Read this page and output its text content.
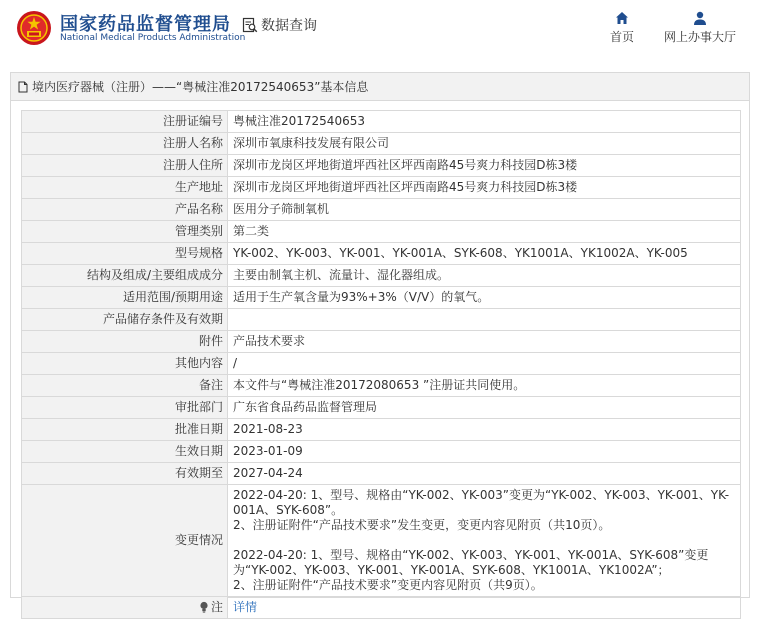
国家药品监督管理局
National Medical Products Administration
数据查询
首页	网上办事大厅
境内医疗器械（注册）——“粤械注准20172540653”基本信息
注册证编号	粤械注准20172540653
注册人名称	深圳市氧康科技发展有限公司
注册人住所	深圳市龙岗区坪地街道坪西社区坪西南路45号爽力科技园D栋3楼
生产地址	深圳市龙岗区坪地街道坪西社区坪西南路45号爽力科技园D栋3楼
产品名称	医用分子筛制氧机
管理类别	第二类
型号规格	YK-002、YK-003、YK-001、YK-001A、SYK-608、YK1001A、YK1002A、YK-005
结构及组成/主要组成成分	主要由制氧主机、流量计、湿化器组成。
适用范围/预期用途	适用于生产氧含量为93%+3%（V/V）的氧气。
产品储存条件及有效期	
附件	产品技术要求
其他内容	/
备注	本文件与“粤械注准20172080653 ”注册证共同使用。
审批部门	广东省食品药品监督管理局
批准日期	2021-08-23
生效日期	2023-01-09
有效期至	2027-04-24
变更情况	2022-04-20: 1、型号、规格由“YK-002、YK-003”变更为“YK-002、YK-003、YK-001、YK-001A、SYK-608”。
2、注册证附件“产品技术要求”发生变更，变更内容见附页（共10页）。

2022-04-20: 1、型号、规格由“YK-002、YK-003、YK-001、YK-001A、SYK-608”变更为“YK-002、YK-003、YK-001、YK-001A、SYK-608、YK1001A、YK1002A”；
2、注册证附件“产品技术要求”变更内容见附页（共9页）。
注	详情
